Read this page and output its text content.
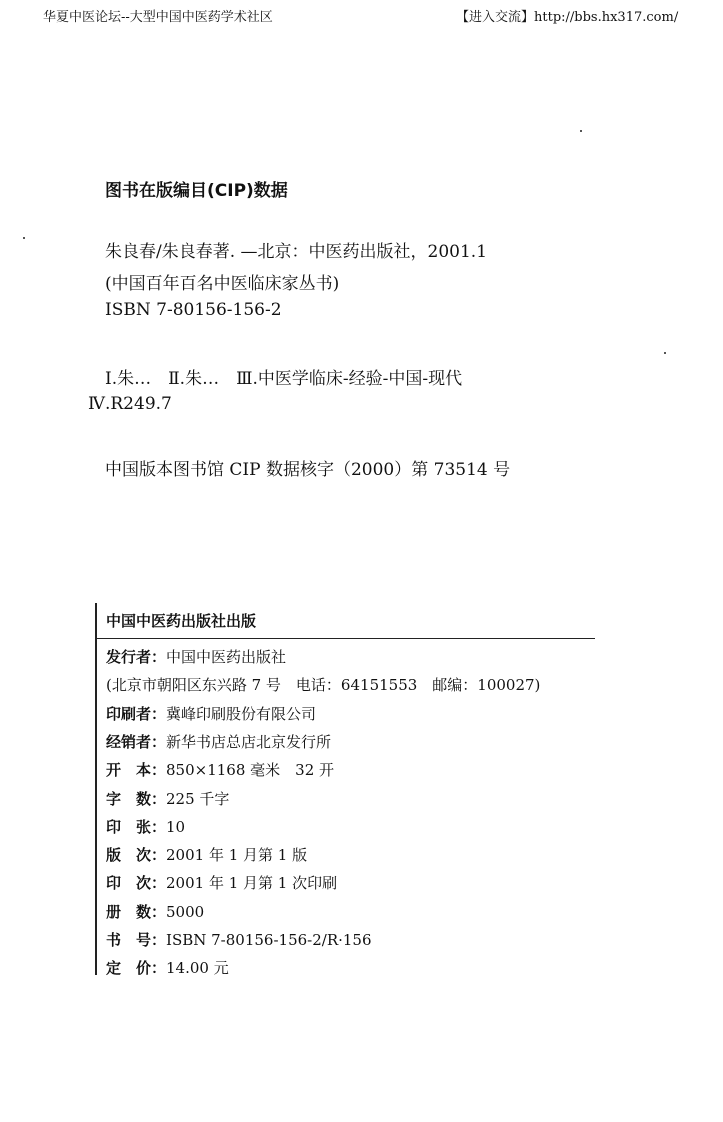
华夏中医论坛--大型中国中医药学术社区	【进入交流】http://bbs.hx317.com/
图书在版编目(CIP)数据
朱良春/朱良春著. —北京：中医药出版社，2001.1
(中国百年百名中医临床家丛书)
ISBN 7-80156-156-2
Ⅰ.朱…　Ⅱ.朱…　Ⅲ.中医学临床-经验-中国-现代
Ⅳ.R249.7
中国版本图书馆 CIP 数据核字（2000）第 73514 号
中国中医药出版社出版
发行者：中国中医药出版社
(北京市朝阳区东兴路 7 号　电话：64151553　邮编：100027)
印刷者：冀峰印刷股份有限公司
经销者：新华书店总店北京发行所
开　本：850×1168 毫米　32 开
字　数：225 千字
印　张：10
版　次：2001 年 1 月第 1 版
印　次：2001 年 1 月第 1 次印刷
册　数：5000
书　号：ISBN 7-80156-156-2/R·156
定　价：14.00 元
